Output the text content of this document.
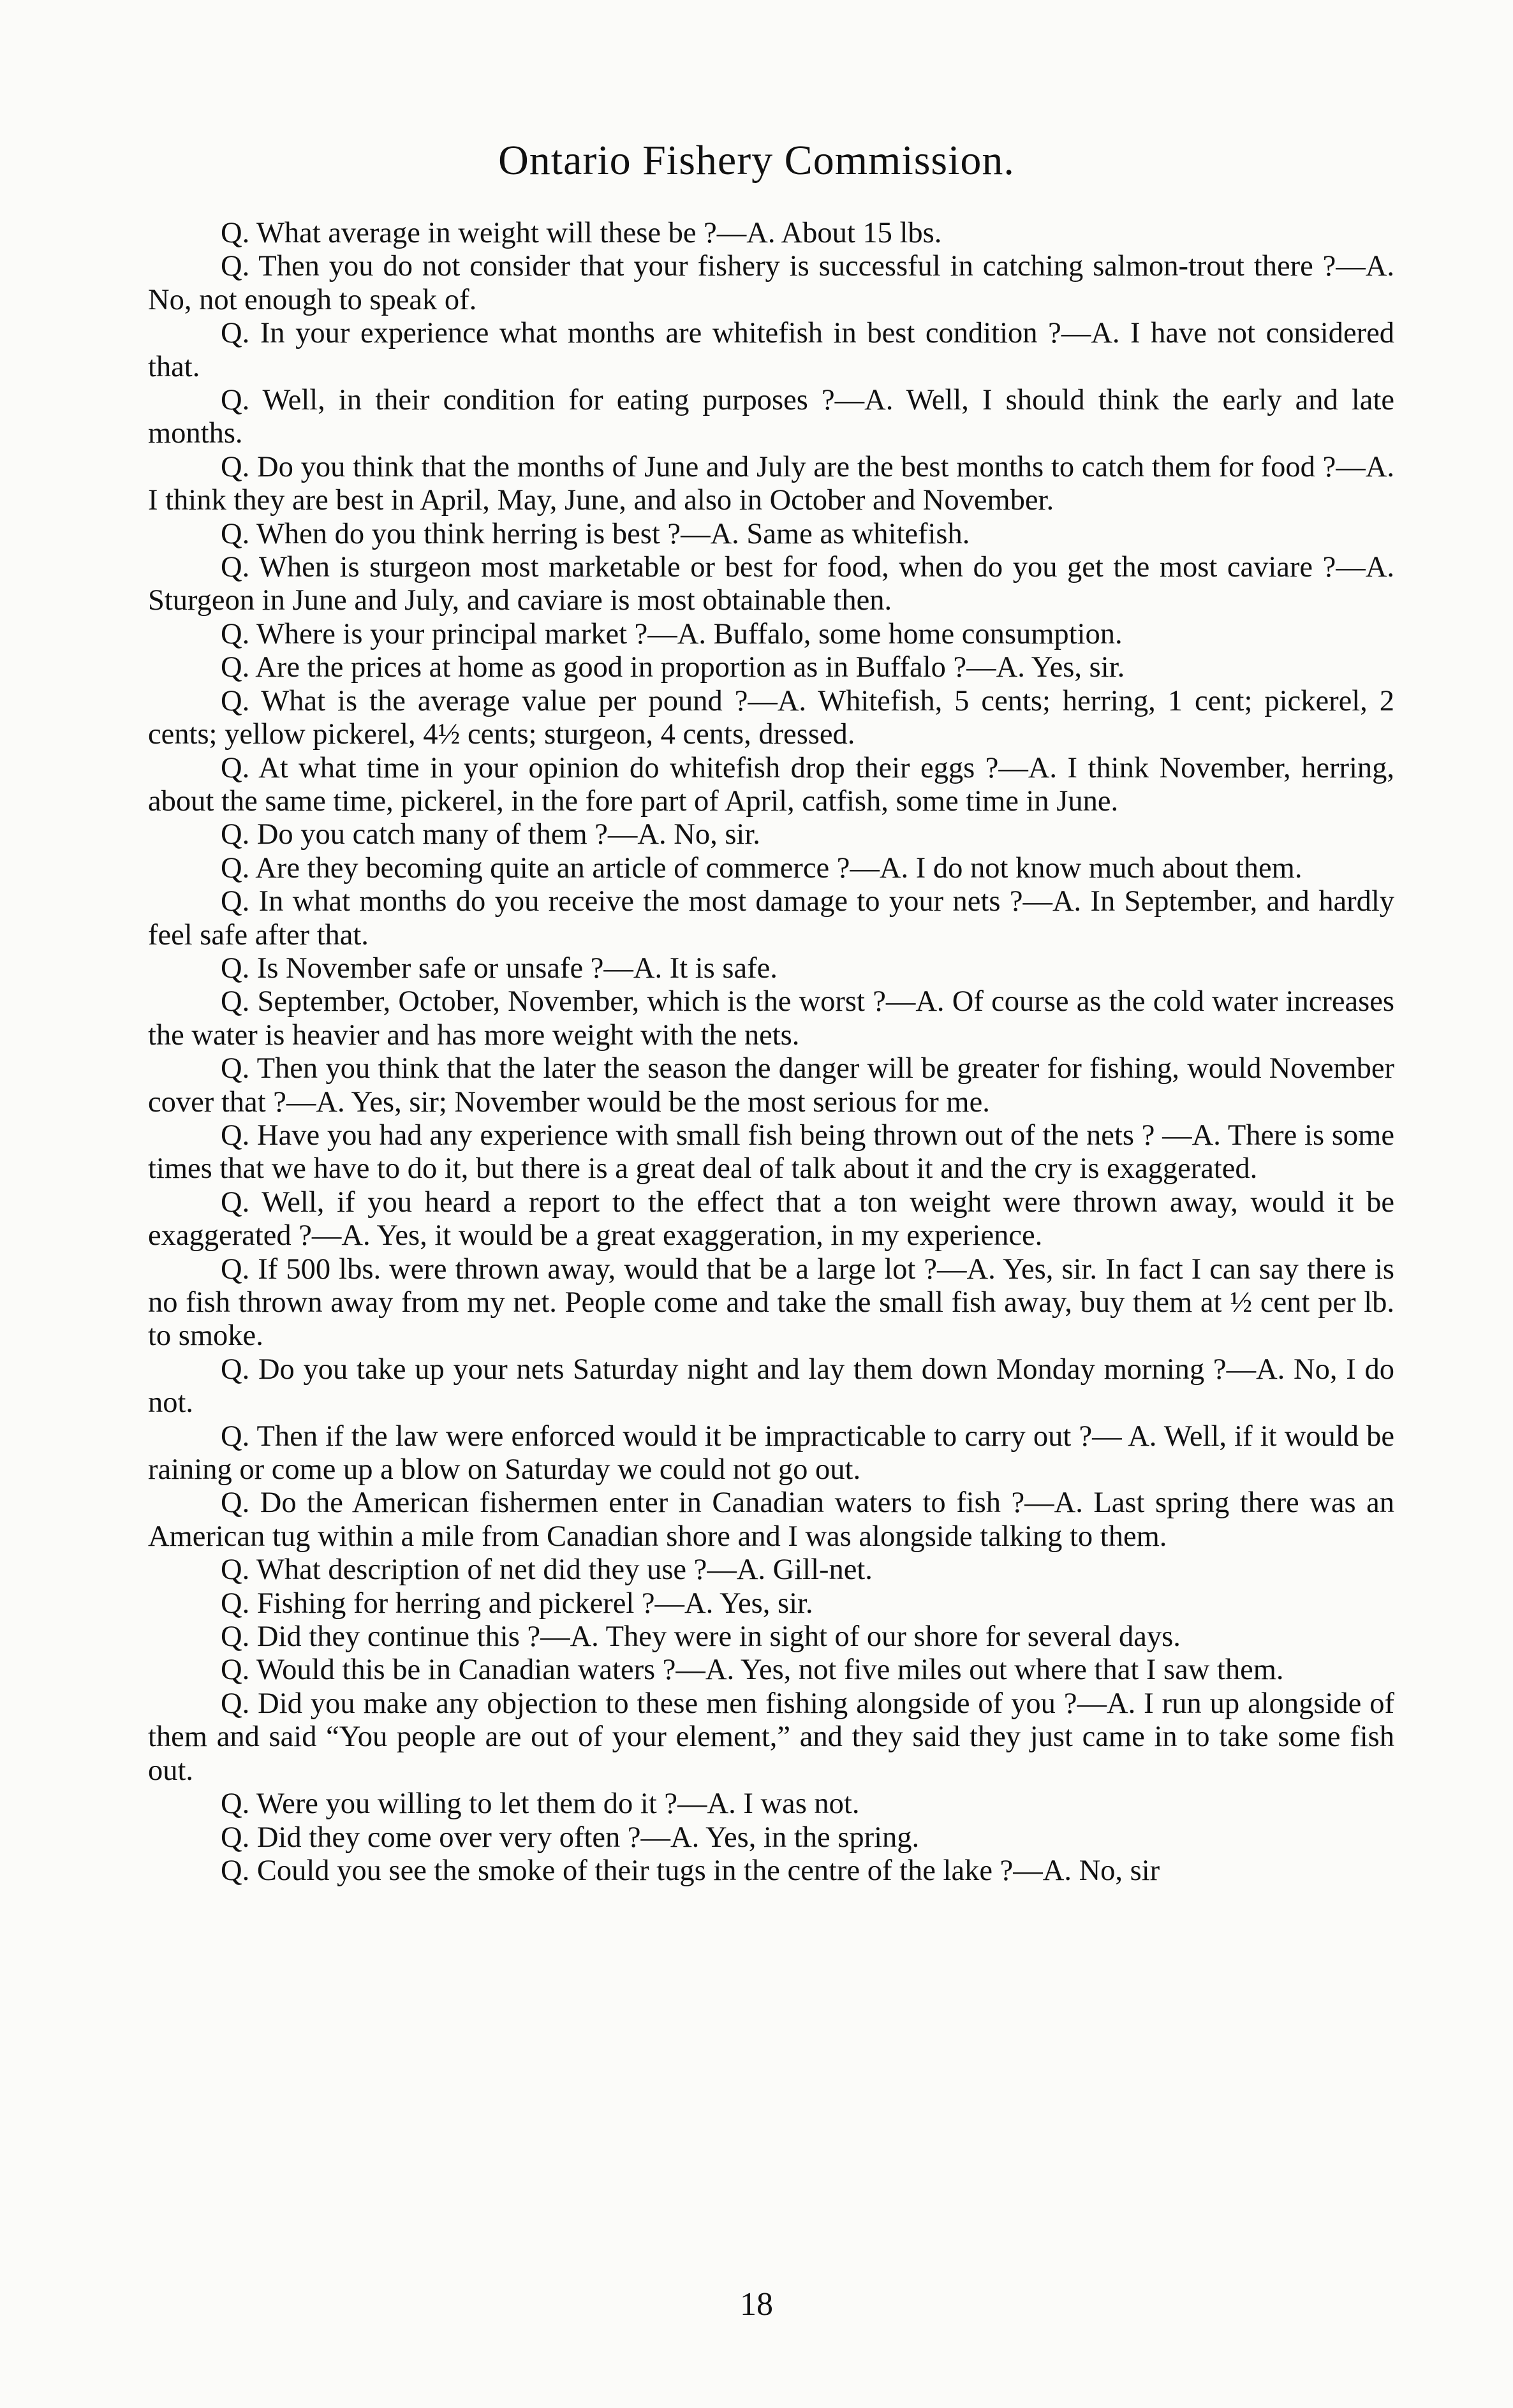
Ontario Fishery Commission.

Q. What average in weight will these be ?—A. About 15 lbs.

Q. Then you do not consider that your fishery is successful in catching salmon-trout there ?—A. No, not enough to speak of.

Q. In your experience what months are whitefish in best condition ?—A. I have not considered that.

Q. Well, in their condition for eating purposes ?—A. Well, I should think the early and late months.

Q. Do you think that the months of June and July are the best months to catch them for food ?—A. I think they are best in April, May, June, and also in October and November.

Q. When do you think herring is best ?—A. Same as whitefish.

Q. When is sturgeon most marketable or best for food, when do you get the most caviare ?—A. Sturgeon in June and July, and caviare is most obtainable then.

Q. Where is your principal market ?—A. Buffalo, some home consumption.

Q. Are the prices at home as good in proportion as in Buffalo ?—A. Yes, sir.

Q. What is the average value per pound ?—A. Whitefish, 5 cents; herring, 1 cent; pickerel, 2 cents; yellow pickerel, 4½ cents; sturgeon, 4 cents, dressed.

Q. At what time in your opinion do whitefish drop their eggs ?—A. I think November, herring, about the same time, pickerel, in the fore part of April, catfish, some time in June.

Q. Do you catch many of them ?—A. No, sir.

Q. Are they becoming quite an article of commerce ?—A. I do not know much about them.

Q. In what months do you receive the most damage to your nets ?—A. In September, and hardly feel safe after that.

Q. Is November safe or unsafe ?—A. It is safe.

Q. September, October, November, which is the worst ?—A. Of course as the cold water increases the water is heavier and has more weight with the nets.

Q. Then you think that the later the season the danger will be greater for fishing, would November cover that ?—A. Yes, sir; November would be the most serious for me.

Q. Have you had any experience with small fish being thrown out of the nets ? —A. There is some times that we have to do it, but there is a great deal of talk about it and the cry is exaggerated.

Q. Well, if you heard a report to the effect that a ton weight were thrown away, would it be exaggerated ?—A. Yes, it would be a great exaggeration, in my experience.

Q. If 500 lbs. were thrown away, would that be a large lot ?—A. Yes, sir. In fact I can say there is no fish thrown away from my net. People come and take the small fish away, buy them at ½ cent per lb. to smoke.

Q. Do you take up your nets Saturday night and lay them down Monday morning ?—A. No, I do not.

Q. Then if the law were enforced would it be impracticable to carry out ?— A. Well, if it would be raining or come up a blow on Saturday we could not go out.

Q. Do the American fishermen enter in Canadian waters to fish ?—A. Last spring there was an American tug within a mile from Canadian shore and I was alongside talking to them.

Q. What description of net did they use ?—A. Gill-net.

Q. Fishing for herring and pickerel ?—A. Yes, sir.

Q. Did they continue this ?—A. They were in sight of our shore for several days.

Q. Would this be in Canadian waters ?—A. Yes, not five miles out where that I saw them.

Q. Did you make any objection to these men fishing alongside of you ?—A. I run up alongside of them and said “You people are out of your element,” and they said they just came in to take some fish out.

Q. Were you willing to let them do it ?—A. I was not.

Q. Did they come over very often ?—A. Yes, in the spring.

Q. Could you see the smoke of their tugs in the centre of the lake ?—A. No, sir

18
